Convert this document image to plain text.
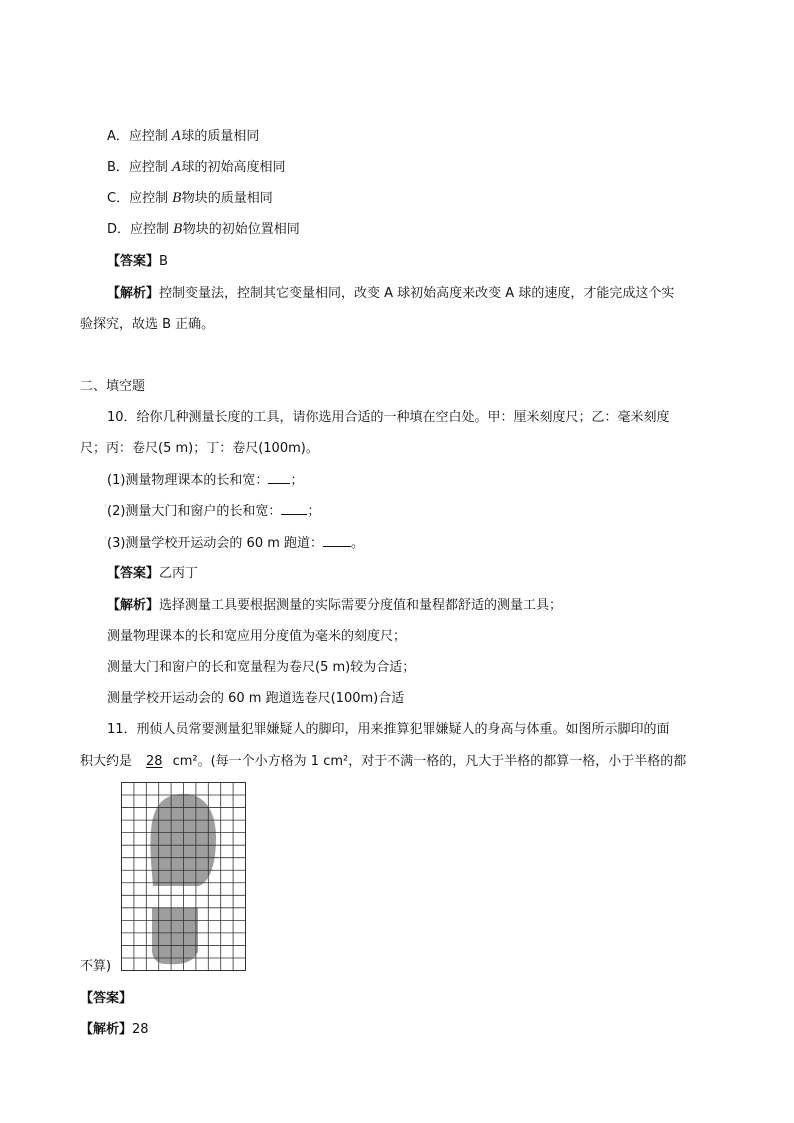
A．应控制 A球的质量相同
B．应控制 A球的初始高度相同
C．应控制 B物块的质量相同
D．应控制 B物块的初始位置相同
【答案】B
【解析】控制变量法，控制其它变量相同，改变 A 球初始高度来改变 A 球的速度，才能完成这个实
验探究，故选 B 正确。
二、填空题
10．给你几种测量长度的工具，请你选用合适的一种填在空白处。甲：厘米刻度尺；乙：毫米刻度
尺；丙：卷尺(5 m)；丁：卷尺(100m)。
(1)测量物理课本的长和宽： ；
(2)测量大门和窗户的长和宽： ；
(3)测量学校开运动会的 60 m 跑道： 。
【答案】乙丙丁
【解析】选择测量工具要根据测量的实际需要分度值和量程都舒适的测量工具；
测量物理课本的长和宽应用分度值为毫米的刻度尺；
测量大门和窗户的长和宽量程为卷尺(5 m)较为合适；
测量学校开运动会的 60 m 跑道选卷尺(100m)合适
11．刑侦人员常要测量犯罪嫌疑人的脚印，用来推算犯罪嫌疑人的身高与体重。如图所示脚印的面
积大约是 28 cm²。(每一个小方格为 1 cm²，对于不满一格的，凡大于半格的都算一格，小于半格的都
不算)
【答案】
【解析】28
